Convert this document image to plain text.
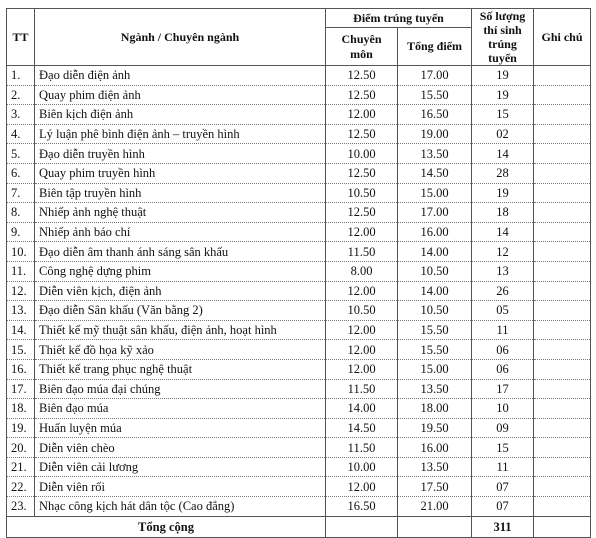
TT	Ngành / Chuyên ngành	Điểm trúng tuyển		Số lượng thí sinh trúng tuyển	Ghi chú
		Chuyên môn	Tổng điểm		
1.	Đạo diễn điện ảnh	12.50	17.00	19	
2.	Quay phim điện ảnh	12.50	15.50	19	
3.	Biên kịch điện ảnh	12.00	16.50	15	
4.	Lý luận phê bình điện ảnh – truyền hình	12.50	19.00	02	
5.	Đạo diễn truyền hình	10.00	13.50	14	
6.	Quay phim truyền hình	12.50	14.50	28	
7.	Biên tập truyền hình	10.50	15.00	19	
8.	Nhiếp ảnh nghệ thuật	12.50	17.00	18	
9.	Nhiếp ảnh báo chí	12.00	16.00	14	
10.	Đạo diễn âm thanh ánh sáng sân khấu	11.50	14.00	12	
11.	Công nghệ dựng phim	8.00	10.50	13	
12.	Diễn viên kịch, điện ảnh	12.00	14.00	26	
13.	Đạo diễn Sân khấu (Văn bằng 2)	10.50	10.50	05	
14.	Thiết kế mỹ thuật sân khấu, điện ảnh, hoạt hình	12.00	15.50	11	
15.	Thiết kế đồ họa kỹ xảo	12.00	15.50	06	
16.	Thiết kế trang phục nghệ thuật	12.00	15.00	06	
17.	Biên đạo múa đại chúng	11.50	13.50	17	
18.	Biên đạo múa	14.00	18.00	10	
19.	Huấn luyện múa	14.50	19.50	09	
20.	Diễn viên chèo	11.50	16.00	15	
21.	Diễn viên cải lương	10.00	13.50	11	
22.	Diễn viên rối	12.00	17.50	07	
23.	Nhạc công kịch hát dân tộc (Cao đẳng)	16.50	21.00	07	
Tổng cộng				311	
